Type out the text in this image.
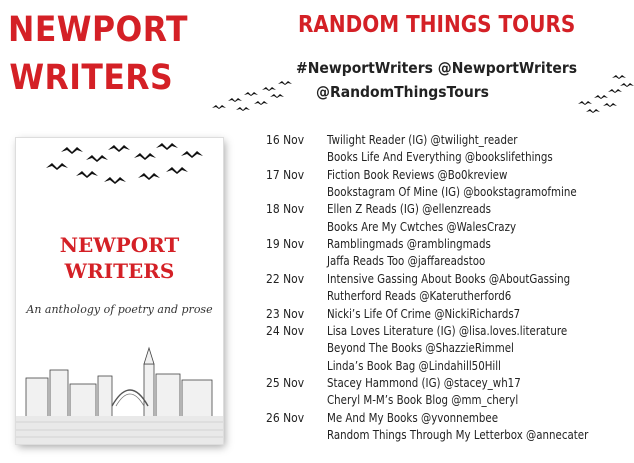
NEWPORT
WRITERS
RANDOM THINGS TOURS
#NewportWriters @NewportWriters
@RandomThingsTours
NEWPORT
WRITERS
An anthology of poetry and prose
16 Nov	Twilight Reader (IG) @twilight_reader
Books Life And Everything @bookslifethings
17 Nov	Fiction Book Reviews @Bo0kreview
Bookstagram Of Mine (IG) @bookstagramofmine
18 Nov	Ellen Z Reads (IG) @ellenzreads
Books Are My Cwtches @WalesCrazy
19 Nov	Ramblingmads @ramblingmads
Jaffa Reads Too @jaffareadstoo
22 Nov	Intensive Gassing About Books @AboutGassing
Rutherford Reads @Katerutherford6
23 Nov	Nicki’s Life Of Crime @NickiRichards7
24 Nov	Lisa Loves Literature (IG) @lisa.loves.literature
Beyond The Books @ShazzieRimmel
Linda’s Book Bag @Lindahill50Hill
25 Nov	Stacey Hammond (IG) @stacey_wh17
Cheryl M-M’s Book Blog @mm_cheryl
26 Nov	Me And My Books @yvonnembee
Random Things Through My Letterbox @annecater
